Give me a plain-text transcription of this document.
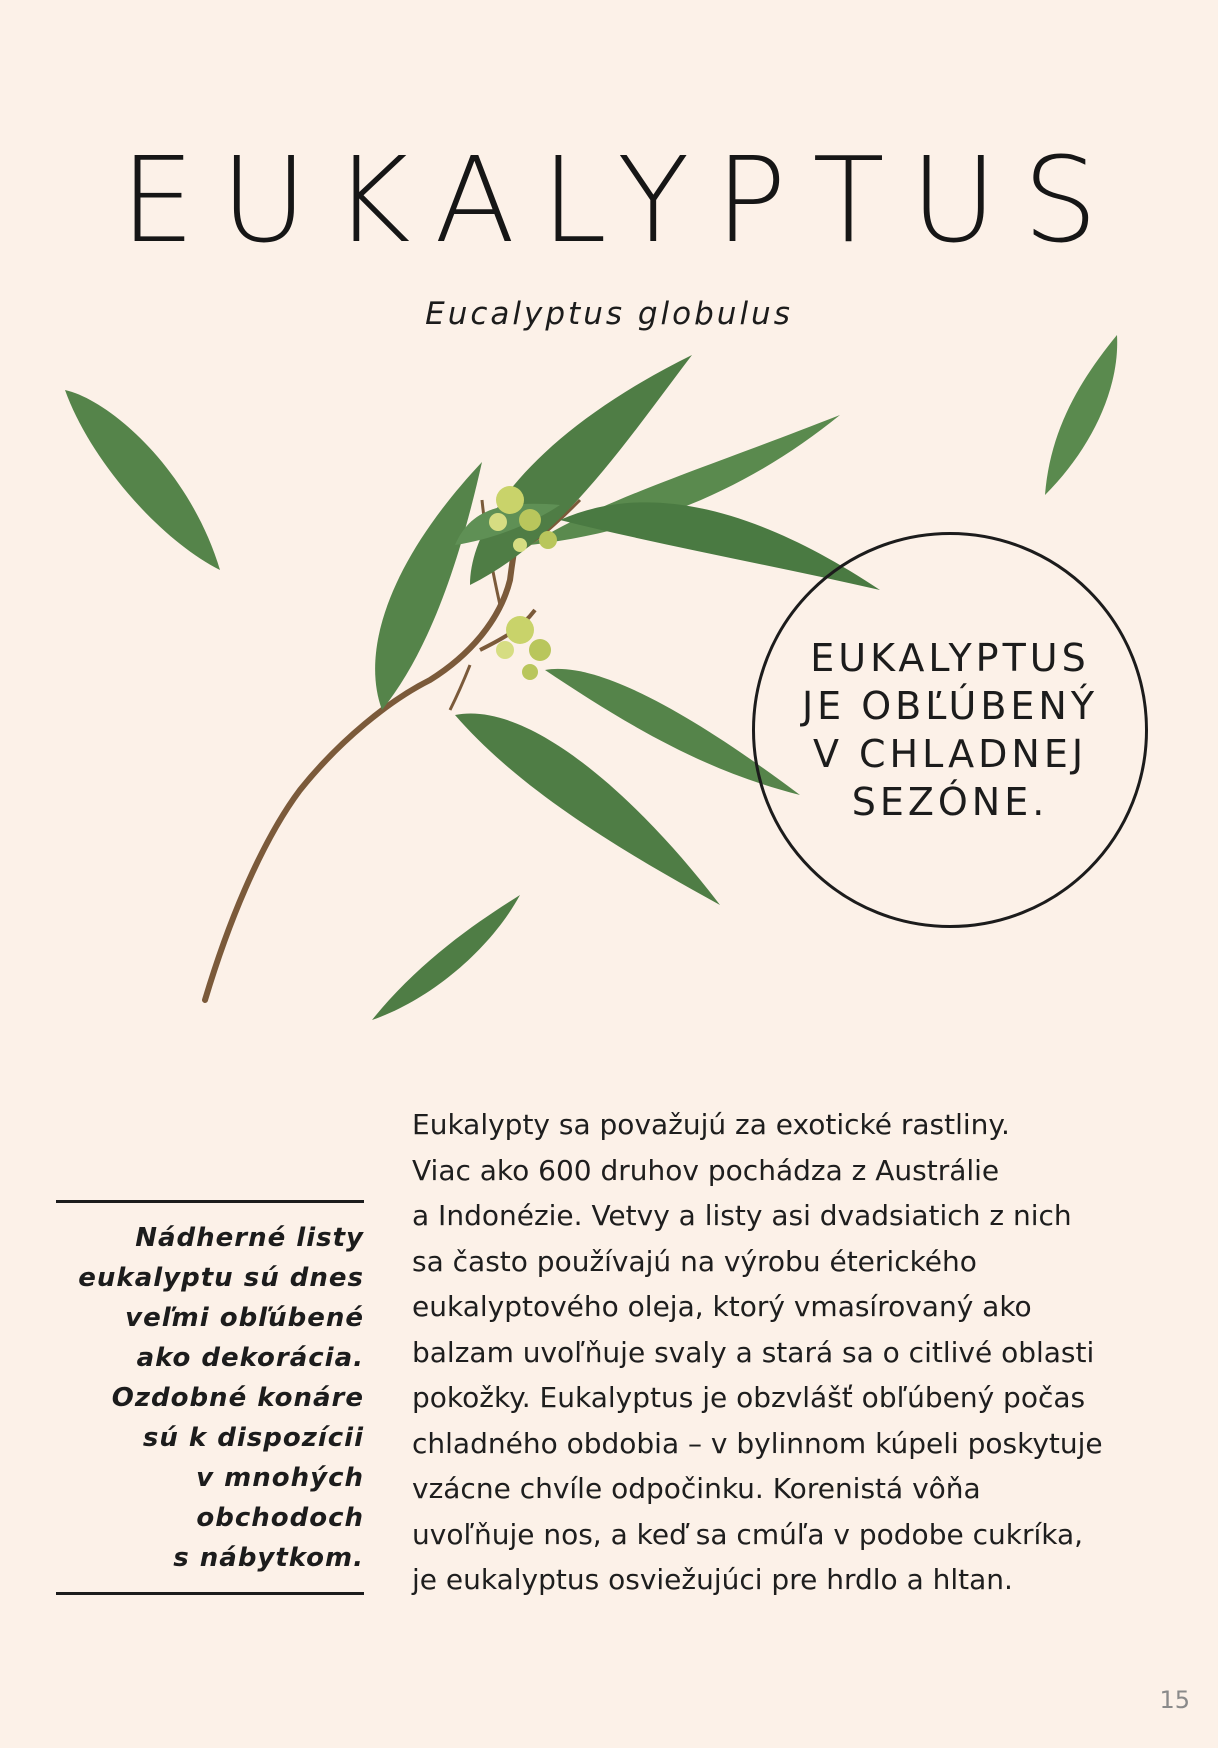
EUKALYPTUS
Eucalyptus globulus
EUKALYPTUS
JE OBĽÚBENÝ
V CHLADNEJ
SEZÓNE.
Nádherné listy
eukalyptu sú dnes
veľmi obľúbené
ako dekorácia.
Ozdobné konáre
sú k dispozícii
v mnohých
obchodoch
s nábytkom.
Eukalypty sa považujú za exotické rastliny.
Viac ako 600 druhov pochádza z Austrálie
a Indonézie. Vetvy a listy asi dvadsiatich z nich
sa často používajú na výrobu éterického
eukalyptového oleja, ktorý vmasírovaný ako
balzam uvoľňuje svaly a stará sa o citlivé oblasti
pokožky. Eukalyptus je obzvlášť obľúbený počas
chladného obdobia – v bylinnom kúpeli poskytuje
vzácne chvíle odpočinku. Korenistá vôňa
uvoľňuje nos, a keď sa cmúľa v podobe cukríka,
je eukalyptus osviežujúci pre hrdlo a hltan.
15
